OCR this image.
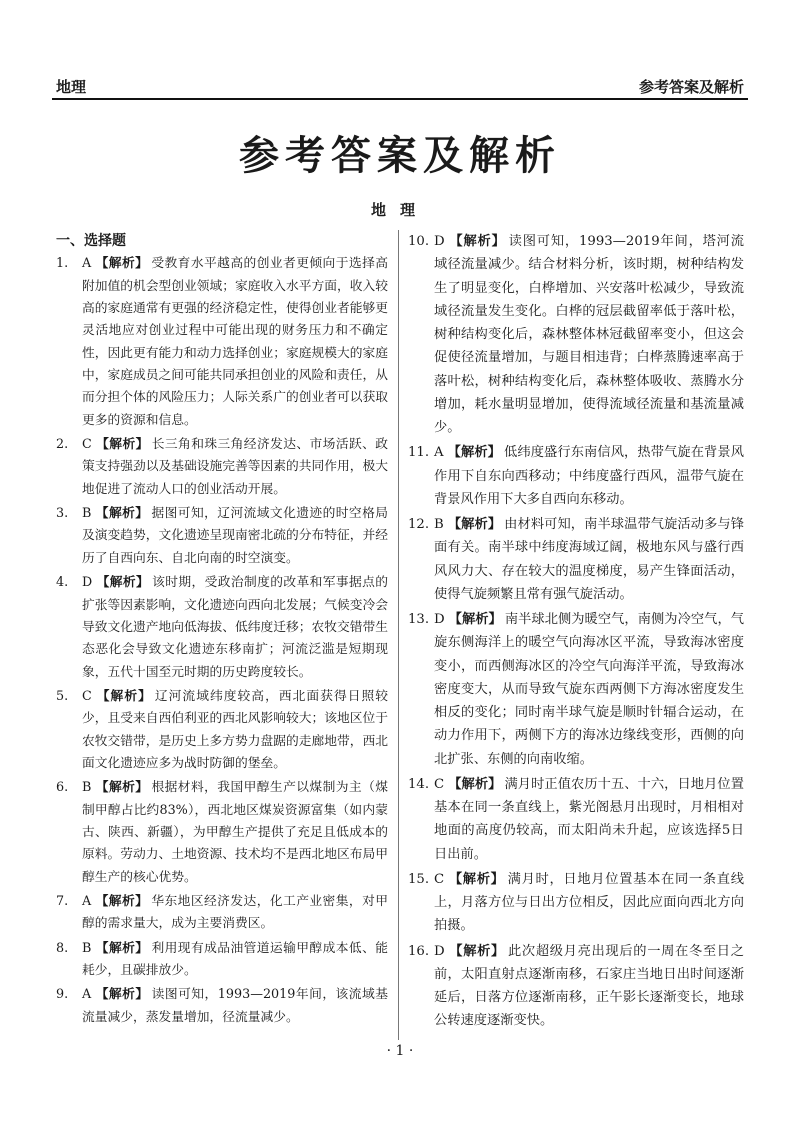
地理	参考答案及解析
参考答案及解析
地理
一、选择题
1.	A 【解析】 受教育水平越高的创业者更倾向于选择高附加值的机会型创业领域；家庭收入水平方面，收入较高的家庭通常有更强的经济稳定性，使得创业者能够更灵活地应对创业过程中可能出现的财务压力和不确定性，因此更有能力和动力选择创业；家庭规模大的家庭中，家庭成员之间可能共同承担创业的风险和责任，从而分担个体的风险压力；人际关系广的创业者可以获取更多的资源和信息。
2.	C 【解析】 长三角和珠三角经济发达、市场活跃、政策支持强劲以及基础设施完善等因素的共同作用，极大地促进了流动人口的创业活动开展。
3.	B 【解析】 据图可知，辽河流域文化遗迹的时空格局及演变趋势，文化遗迹呈现南密北疏的分布特征，并经历了自西向东、自北向南的时空演变。
4.	D 【解析】 该时期，受政治制度的改革和军事据点的扩张等因素影响，文化遗迹向西向北发展；气候变冷会导致文化遗产地向低海拔、低纬度迁移；农牧交错带生态恶化会导致文化遗迹东移南扩；河流泛滥是短期现象，五代十国至元时期的历史跨度较长。
5.	C 【解析】 辽河流域纬度较高，西北面获得日照较少，且受来自西伯利亚的西北风影响较大；该地区位于农牧交错带，是历史上多方势力盘踞的走廊地带，西北面文化遗迹应多为战时防御的堡垒。
6.	B 【解析】 根据材料，我国甲醇生产以煤制为主（煤制甲醇占比约83%），西北地区煤炭资源富集（如内蒙古、陕西、新疆），为甲醇生产提供了充足且低成本的原料。劳动力、土地资源、技术均不是西北地区布局甲醇生产的核心优势。
7.	A 【解析】 华东地区经济发达，化工产业密集，对甲醇的需求量大，成为主要消费区。
8.	B 【解析】 利用现有成品油管道运输甲醇成本低、能耗少，且碳排放少。
9.	A 【解析】 读图可知，1993—2019年间，该流域基流量减少，蒸发量增加，径流量减少。
10. D 【解析】 读图可知，1993—2019年间，塔河流域径流量减少。结合材料分析，该时期，树种结构发生了明显变化，白桦增加、兴安落叶松减少，导致流域径流量发生变化。白桦的冠层截留率低于落叶松，树种结构变化后，森林整体林冠截留率变小，但这会促使径流量增加，与题目相违背；白桦蒸腾速率高于落叶松，树种结构变化后，森林整体吸收、蒸腾水分增加，耗水量明显增加，使得流域径流量和基流量减少。
11. A 【解析】 低纬度盛行东南信风，热带气旋在背景风作用下自东向西移动；中纬度盛行西风，温带气旋在背景风作用下大多自西向东移动。
12. B 【解析】 由材料可知，南半球温带气旋活动多与锋面有关。南半球中纬度海域辽阔，极地东风与盛行西风风力大、存在较大的温度梯度，易产生锋面活动，使得气旋频繁且常有强气旋活动。
13. D 【解析】 南半球北侧为暖空气，南侧为冷空气，气旋东侧海洋上的暖空气向海冰区平流，导致海冰密度变小，而西侧海冰区的冷空气向海洋平流，导致海冰密度变大，从而导致气旋东西两侧下方海冰密度发生相反的变化；同时南半球气旋是顺时针辐合运动，在动力作用下，两侧下方的海冰边缘线变形，西侧的向北扩张、东侧的向南收缩。
14. C 【解析】 满月时正值农历十五、十六，日地月位置基本在同一条直线上，紫光阁悬月出现时，月相相对地面的高度仍较高，而太阳尚未升起，应该选择5日日出前。
15. C 【解析】 满月时，日地月位置基本在同一条直线上，月落方位与日出方位相反，因此应面向西北方向拍摄。
16. D 【解析】 此次超级月亮出现后的一周在冬至日之前，太阳直射点逐渐南移，石家庄当地日出时间逐渐延后，日落方位逐渐南移，正午影长逐渐变长，地球公转速度逐渐变快。
· 1 ·
